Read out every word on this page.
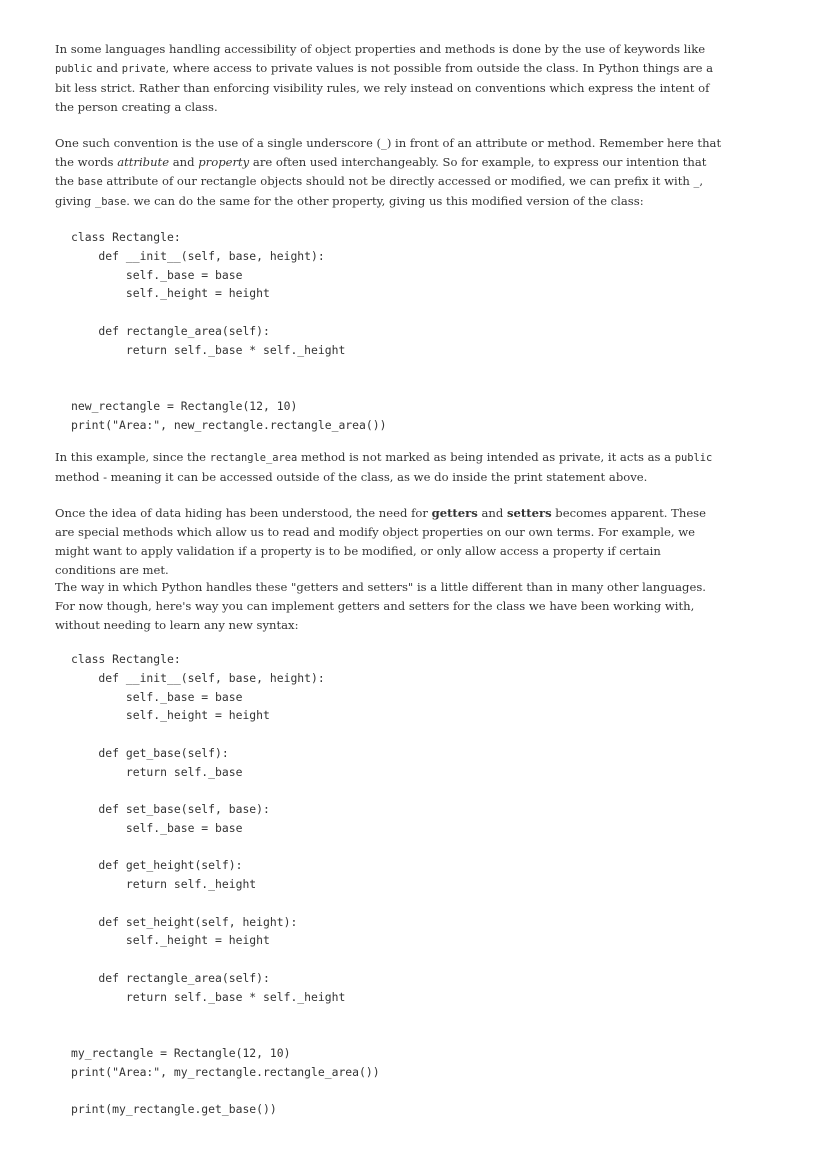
In some languages handling accessibility of object properties and methods is done by the use of keywords like public and private, where access to private values is not possible from outside the class. In Python things are a bit less strict. Rather than enforcing visibility rules, we rely instead on conventions which express the intent of the person creating a class.

One such convention is the use of a single underscore (_) in front of an attribute or method. Remember here that the words attribute and property are often used interchangeably. So for example, to express our intention that the base attribute of our rectangle objects should not be directly accessed or modified, we can prefix it with _, giving _base. we can do the same for the other property, giving us this modified version of the class:

class Rectangle:
def __init__(self, base, height):
self._base = base
self._height = height

def rectangle_area(self):
return self._base * self._height

new_rectangle = Rectangle(12, 10)
print("Area:", new_rectangle.rectangle_area())

In this example, since the rectangle_area method is not marked as being intended as private, it acts as a public method - meaning it can be accessed outside of the class, as we do inside the print statement above.

Once the idea of data hiding has been understood, the need for getters and setters becomes apparent. These are special methods which allow us to read and modify object properties on our own terms. For example, we might want to apply validation if a property is to be modified, or only allow access a property if certain conditions are met.

The way in which Python handles these "getters and setters" is a little different than in many other languages. For now though, here's way you can implement getters and setters for the class we have been working with, without needing to learn any new syntax:

class Rectangle:
def __init__(self, base, height):
self._base = base
self._height = height

def get_base(self):
return self._base

def set_base(self, base):
self._base = base

def get_height(self):
return self._height

def set_height(self, height):
self._height = height

def rectangle_area(self):
return self._base * self._height

my_rectangle = Rectangle(12, 10)
print("Area:", my_rectangle.rectangle_area())

print(my_rectangle.get_base())
